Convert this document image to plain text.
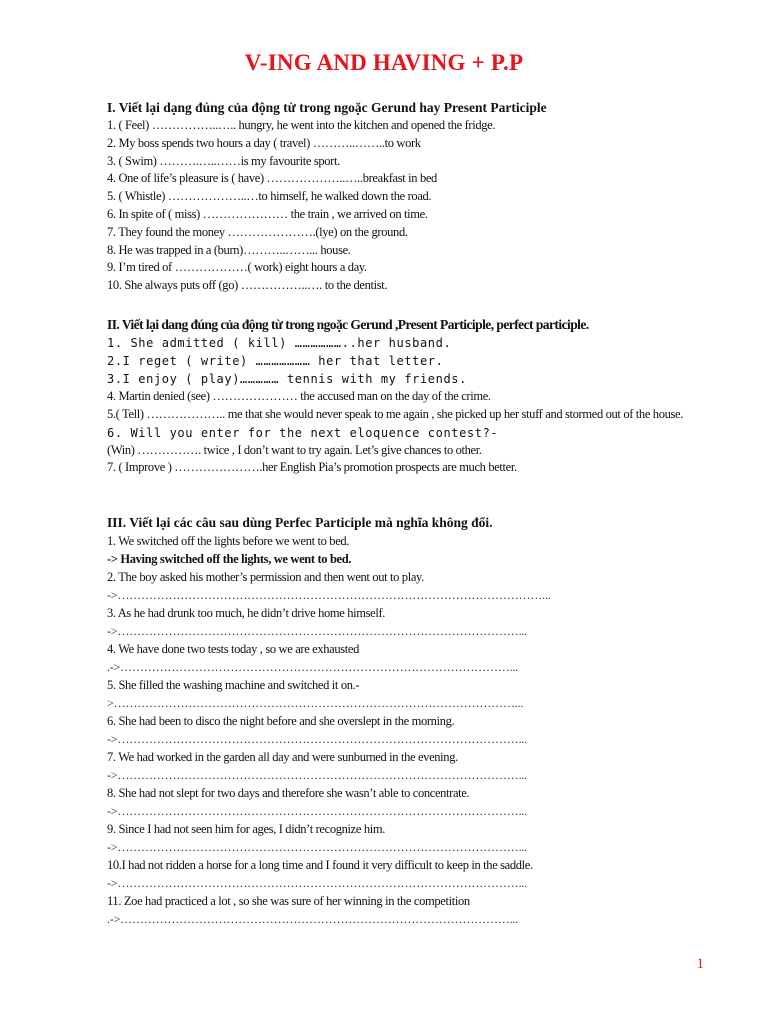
V-ING AND HAVING + P.P
I. Viết lại dạng đúng của động từ trong ngoặc Gerund hay Present Participle
1. ( Feel) ……………..….. hungry, he went into the kitchen and opened the fridge.
2. My boss spends two hours a day ( travel) ………..……..to work
3. ( Swim) ……….…..……is my favourite sport.
4. One of life’s pleasure is ( have) ………………..…..breakfast in bed
5. ( Whistle) ………………..…to himself, he walked down the road.
6. In spite of ( miss) ………………… the train , we arrived on time.
7. They found the money ………………….(lye) on the ground.
8. He was trapped in a (burn)………..……... house.
9. I’m tired of ………………( work) eight hours a day.
10. She always puts off (go) ……………..…. to the dentist.
II. Viết lại dang đúng của động từ trong ngoặc Gerund ,Present Participle, perfect participle.
1. She admitted ( kill) ………………..her husband.
2.I reget ( write) ………………… her that letter.
3.I enjoy ( play)…………… tennis with my friends.
4. Martin denied (see) ………………… the accused man on the day of the crime.
5.( Tell) ……………….. me that she would never speak to me again , she picked up her stuff and stormed out of the house.
6. Will you enter for the next eloquence contest?-
(Win) ……………. twice , I don’t want to try again. Let’s give chances to other.
7. ( Improve ) ………………….her English Pia’s promotion prospects are much better.
III. Viết lại các câu sau dùng Perfec Participle mà nghĩa không đổi.
1. We switched off the lights before we went to bed.
-> Having switched off the lights, we went to bed.
2. The boy asked his mother’s permission and then went out to play.
->………………………………………………………………………………………………...
3. As he had drunk too much, he didn’t drive home himself.
->…………………………………………………………………………………………...
4. We have done two tests today , so we are exhausted
.->………………………………………………………………………………………...
5. She filled the washing machine and switched it on.-
>…………………………………………………………………………………………...
6. She had been to disco the night before and she overslept in the morning.
->…………………………………………………………………………………………...
7. We had worked in the garden all day and were sunburned in the evening.
->…………………………………………………………………………………………...
8. She had not slept for two days and therefore she wasn’t able to concentrate.
->…………………………………………………………………………………………...
9. Since I had not seen him for ages, I didn’t recognize him.
->…………………………………………………………………………………………...
10.I had not ridden a horse for a long time and I found it very difficult to keep in the saddle.
->…………………………………………………………………………………………...
11. Zoe had practiced a lot , so she was sure of her winning in the competition
.->………………………………………………………………………………………...
1
